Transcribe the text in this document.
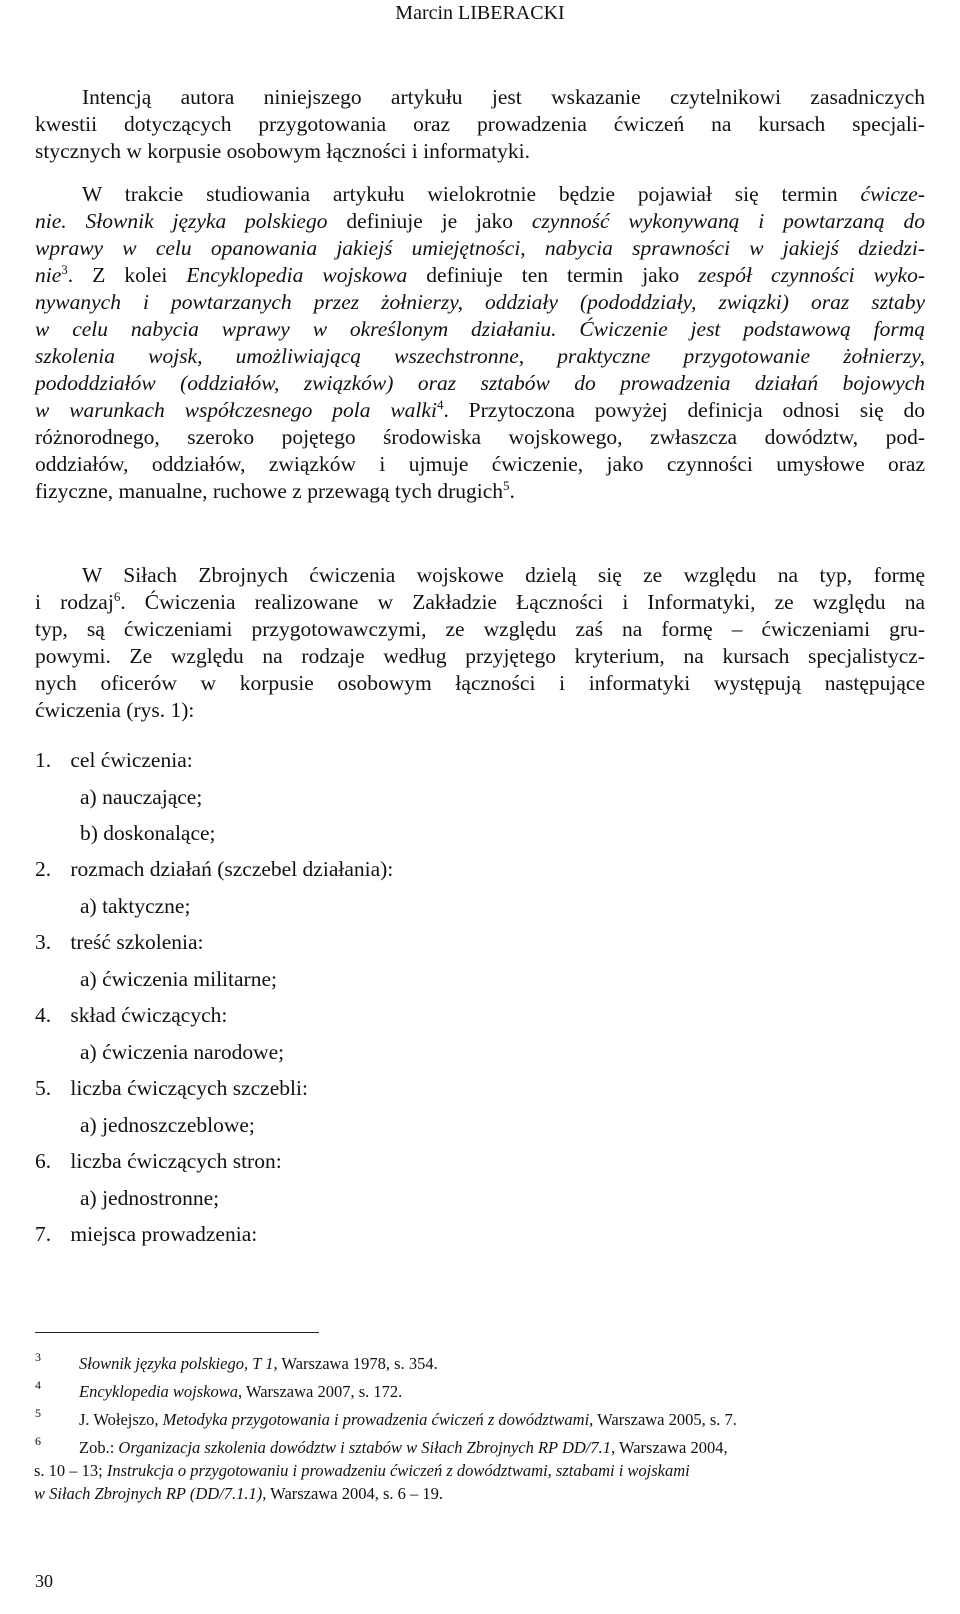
Marcin LIBERACKI
Intencją autora niniejszego artykułu jest wskazanie czytelnikowi zasadniczych
kwestii dotyczących przygotowania oraz prowadzenia ćwiczeń na kursach specjali-
stycznych w korpusie osobowym łączności i informatyki.
W trakcie studiowania artykułu wielokrotnie będzie pojawiał się termin ćwicze-
nie. Słownik języka polskiego definiuje je jako czynność wykonywaną i powtarzaną do
wprawy w celu opanowania jakiejś umiejętności, nabycia sprawności w jakiejś dziedzi-
nie$^3$. Z kolei Encyklopedia wojskowa definiuje ten termin jako zespół czynności wyko-
nywanych i powtarzanych przez żołnierzy, oddziały (pododdziały, związki) oraz sztaby
w celu nabycia wprawy w określonym działaniu. Ćwiczenie jest podstawową formą
szkolenia wojsk, umożliwiającą wszechstronne, praktyczne przygotowanie żołnierzy,
pododdziałów (oddziałów, związków) oraz sztabów do prowadzenia działań bojowych
w warunkach współczesnego pola walki$^4$. Przytoczona powyżej definicja odnosi się do
różnorodnego, szeroko pojętego środowiska wojskowego, zwłaszcza dowództw, pod-
oddziałów, oddziałów, związków i ujmuje ćwiczenie, jako czynności umysłowe oraz
fizyczne, manualne, ruchowe z przewagą tych drugich$^5$.
W Siłach Zbrojnych ćwiczenia wojskowe dzielą się ze względu na typ, formę
i rodzaj$^6$. Ćwiczenia realizowane w Zakładzie Łączności i Informatyki, ze względu na
typ, są ćwiczeniami przygotowawczymi, ze względu zaś na formę – ćwiczeniami gru-
powymi. Ze względu na rodzaje według przyjętego kryterium, na kursach specjalistycz-
nych oficerów w korpusie osobowym łączności i informatyki występują następujące
ćwiczenia (rys. 1):
1. cel ćwiczenia:
a) nauczające;
b) doskonalące;
2. rozmach działań (szczebel działania):
a) taktyczne;
3. treść szkolenia:
a) ćwiczenia militarne;
4. skład ćwiczących:
a) ćwiczenia narodowe;
5. liczba ćwiczących szczebli:
a) jednoszczeblowe;
6. liczba ćwiczących stron:
a) jednostronne;
7. miejsca prowadzenia:
3 Słownik języka polskiego, T 1, Warszawa 1978, s. 354.
4 Encyklopedia wojskowa, Warszawa 2007, s. 172.
5 J. Wołejszo, Metodyka przygotowania i prowadzenia ćwiczeń z dowództwami, Warszawa 2005, s. 7.
6 Zob.: Organizacja szkolenia dowództw i sztabów w Siłach Zbrojnych RP DD/7.1, Warszawa 2004,
s. 10 – 13; Instrukcja o przygotowaniu i prowadzeniu ćwiczeń z dowództwami, sztabami i wojskami
w Siłach Zbrojnych RP (DD/7.1.1), Warszawa 2004, s. 6 – 19.
30
